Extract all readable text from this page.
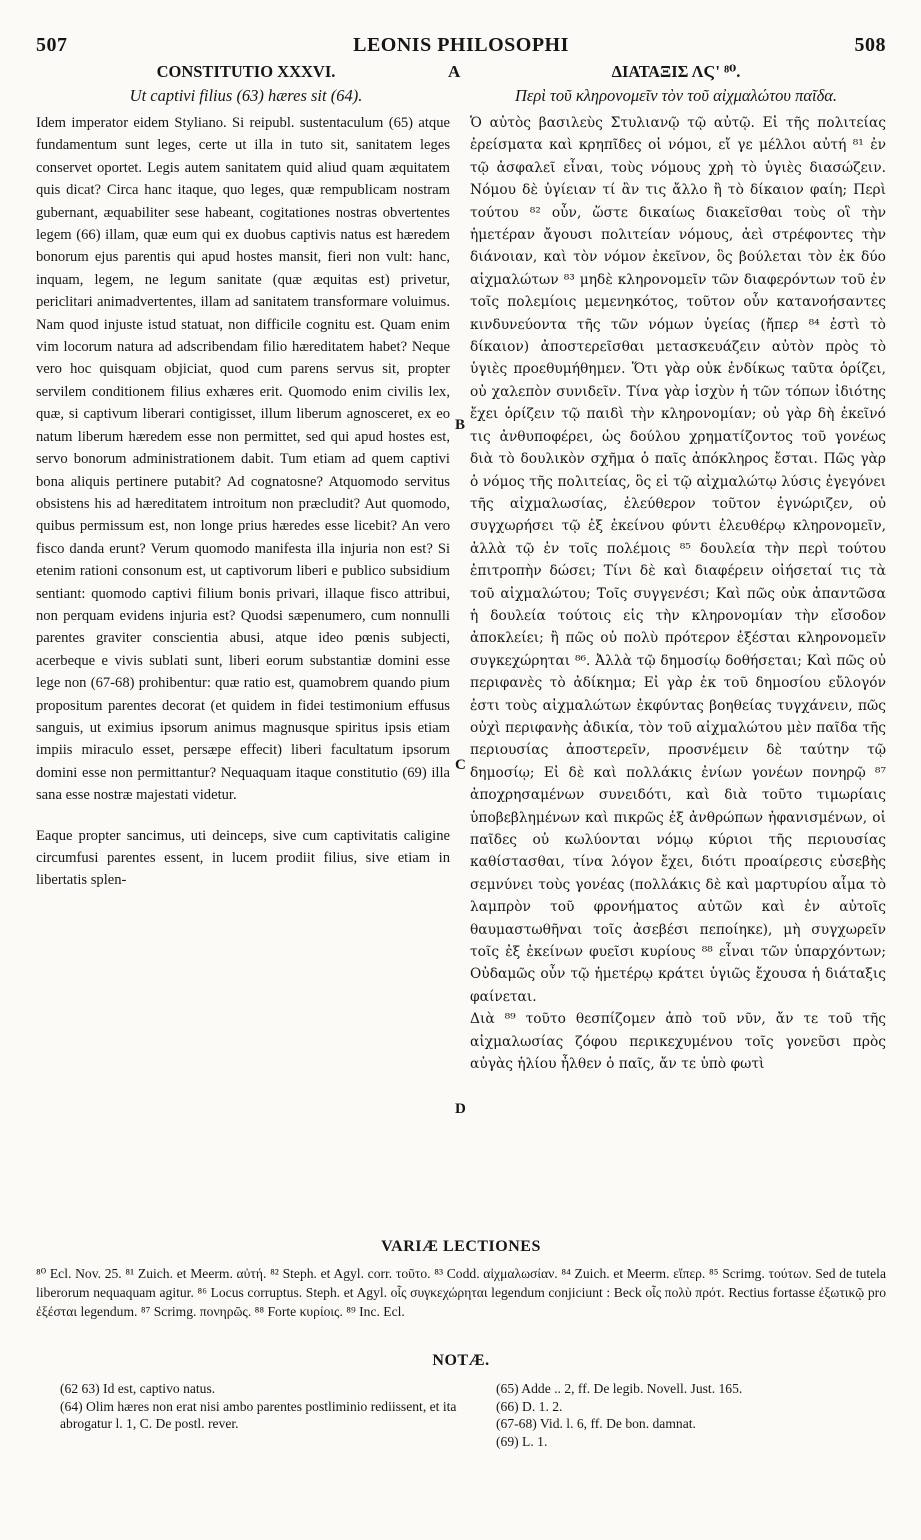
507	LEONIS PHILOSOPHI	508
CONSTITUTIO XXXVI.	A	ΔΙΑΤΑΞΙΣ ΛϚ' ⁸⁰.
Ut captivi filius (63) hæres sit (64).	Περὶ τοῦ κληρονομεῖν τὸν τοῦ αἰχμαλώτου παῖδα.

Idem imperator eidem Styliano. Si reipubl. sustentaculum (65) atque fundamentum sunt leges, certe ut illa in tuto sit, sanitatem leges conservet oportet. Legis autem sanitatem quid aliud quam æquitatem quis dicat? Circa hanc itaque, quo leges, quæ rempublicam nostram gubernant, æquabiliter sese habeant, cogitationes nostras obvertentes legem (66) illam, quæ eum qui ex duobus captivis natus est hæredem bonorum ejus parentis qui apud hostes mansit, fieri non vult: hanc, inquam, legem, ne legum sanitate (quæ æquitas est) privetur, periclitari animadvertentes, illam ad sanitatem transformare voluimus. Nam quod injuste istud statuat, non difficile cognitu est. Quam enim vim locorum natura ad adscribendam filio hæreditatem habet? Neque vero hoc quisquam objiciat, quod cum parens servus sit, propter servilem conditionem filius exhæres erit. Quomodo enim civilis lex, quæ, si captivum liberari contigisset, illum liberum agnosceret, ex eo natum liberum hæredem esse non permittet, sed qui apud hostes est, servo bonorum administrationem dabit. Tum etiam ad quem captivi bona aliquis pertinere putabit? Ad cognatosne? Atquomodo servitus obsistens his ad hæreditatem introitum non præcludit? Aut quomodo, quibus permissum est, non longe prius hæredes esse licebit? An vero fisco danda erunt? Verum quomodo manifesta illa injuria non est? Si etenim rationi consonum est, ut captivorum liberi e publico subsidium sentiant: quomodo captivi filium bonis privari, illaque fisco attribui, non perquam evidens injuria est? Quodsi sæpenumero, cum nonnulli parentes graviter conscientia abusi, atque ideo pœnis subjecti, acerbeque e vivis sublati sunt, liberi eorum substantiæ domini esse lege non (67-68) prohibentur: quæ ratio est, quamobrem quando pium propositum parentes decorat (et quidem in fidei testimonium effusus sanguis, ut eximius ipsorum animus magnusque spiritus ipsis etiam impiis miraculo esset, persæpe effecit) liberi facultatum ipsorum domini esse non permittantur? Nequaquam itaque constitutio (69) illa sana esse nostræ majestati videtur.

Eaque propter sancimus, uti deinceps, sive cum captivitatis caligine circumfusi parentes essent, in lucem prodiit filius, sive etiam in libertatis splen-

Ὁ αὐτὸς βασιλεὺς Στυλιανῷ τῷ αὐτῷ. Εἰ τῆς πολιτείας ἐρείσματα καὶ κρηπῖδες οἱ νόμοι, εἴ γε μέλλοι αὐτή ⁸¹ ἐν τῷ ἀσφαλεῖ εἶναι, τοὺς νόμους χρὴ τὸ ὑγιὲς διασώζειν. Νόμου δὲ ὑγίειαν τί ἂν τις ἄλλο ἢ τὸ δίκαιον φαίη; Περὶ τούτου ⁸² οὖν, ὥστε δικαίως διακεῖσθαι τοὺς οἳ τὴν ἡμετέραν ἄγουσι πολιτείαν νόμους, ἀεὶ στρέφοντες τὴν διάνοιαν, καὶ τὸν νόμον ἐκεῖνον, ὃς βούλεται τὸν ἐκ δύο αἰχμαλώτων ⁸³ μηδὲ κληρονομεῖν τῶν διαφερόντων τοῦ ἐν τοῖς πολεμίοις μεμενηκότος, τοῦτον οὖν κατανοήσαντες κινδυνεύοντα τῆς τῶν νόμων ὑγείας (ἤπερ ⁸⁴ ἐστὶ τὸ δίκαιον) ἀποστερεῖσθαι μετασκευάζειν αὐτὸν πρὸς τὸ ὑγιὲς προεθυμήθημεν. Ὅτι γὰρ οὐκ ἐνδίκως ταῦτα ὁρίζει, οὐ χαλεπὸν συνιδεῖν. Τίνα γὰρ ἰσχὺν ἡ τῶν τόπων ἰδιότης ἔχει ὁρίζειν τῷ παιδὶ τὴν κληρονομίαν; οὐ γὰρ δὴ ἐκεῖνό τις ἀνθυποφέρει, ὡς δούλου χρηματίζοντος τοῦ γονέως διὰ τὸ δουλικὸν σχῆμα ὁ παῖς ἀπόκληρος ἔσται. Πῶς γὰρ ὁ νόμος τῆς πολιτείας, ὃς εἰ τῷ αἰχμαλώτῳ λύσις ἐγεγόνει τῆς αἰχμαλωσίας, ἐλεύθερον τοῦτον ἐγνώριζεν, οὐ συγχωρήσει τῷ ἐξ ἐκείνου φύντι ἐλευθέρῳ κληρονομεῖν, ἀλλὰ τῷ ἐν τοῖς πολέμοις ⁸⁵ δουλεία τὴν περὶ τούτου ἐπιτροπὴν δώσει; Τίνι δὲ καὶ διαφέρειν οἰήσεταί τις τὰ τοῦ αἰχμαλώτου; Τοῖς συγγενέσι; Καὶ πῶς οὐκ ἀπαντῶσα ἡ δουλεία τούτοις εἰς τὴν κληρονομίαν τὴν εἴσοδον ἀποκλείει; ἢ πῶς οὐ πολὺ πρότερον ἐξέσται κληρονομεῖν συγκεχώρηται ⁸⁶. Ἀλλὰ τῷ δημοσίῳ δοθήσεται; Καὶ πῶς οὐ περιφανὲς τὸ ἀδίκημα; Εἰ γὰρ ἐκ τοῦ δημοσίου εὔλογόν ἐστι τοὺς αἰχμαλώτων ἐκφύντας βοηθείας τυγχάνειν, πῶς οὐχὶ περιφανὴς ἀδικία, τὸν τοῦ αἰχμαλώτου μὲν παῖδα τῆς περιουσίας ἀποστερεῖν, προσνέμειν δὲ ταύτην τῷ δημοσίῳ; Εἰ δὲ καὶ πολλάκις ἐνίων γονέων πονηρῷ ⁸⁷ ἀποχρησαμένων συνειδότι, καὶ διὰ τοῦτο τιμωρίαις ὑποβεβλημένων καὶ πικρῶς ἐξ ἀνθρώπων ἠφανισμένων, οἱ παῖδες οὐ κωλύονται νόμῳ κύριοι τῆς περιουσίας καθίστασθαι, τίνα λόγον ἔχει, διότι προαίρεσις εὐσεβὴς σεμνύνει τοὺς γονέας (πολλάκις δὲ καὶ μαρτυρίου αἷμα τὸ λαμπρὸν τοῦ φρονήματος αὐτῶν καὶ ἐν αὐτοῖς θαυμαστωθῆναι τοῖς ἀσεβέσι πεποίηκε), μὴ συγχωρεῖν τοῖς ἐξ ἐκείνων φυεῖσι κυρίους ⁸⁸ εἶναι τῶν ὑπαρχόντων; Οὐδαμῶς οὖν τῷ ἡμετέρῳ κράτει ὑγιῶς ἔχουσα ἡ διάταξις φαίνεται.

Διὰ ⁸⁹ τοῦτο θεσπίζομεν ἀπὸ τοῦ νῦν, ἄν τε τοῦ τῆς αἰχμαλωσίας ζόφου περικεχυμένου τοῖς γονεῦσι πρὸς αὐγὰς ἡλίου ἦλθεν ὁ παῖς, ἄν τε ὑπὸ φωτὶ

B
C
D
VARIÆ LECTIONES
⁸⁰ Ecl. Nov. 25. ⁸¹ Zuich. et Meerm. αὐτή. ⁸² Steph. et Agyl. corr. τοῦτο. ⁸³ Codd. αἰχμαλωσίαν. ⁸⁴ Zuich. et Meerm. εἴπερ. ⁸⁵ Scrimg. τούτων. Sed de tutela liberorum nequaquam agitur. ⁸⁶ Locus corruptus. Steph. et Agyl. οἷς συγκεχώρηται legendum conjiciunt : Beck οἷς πολὺ πρότ. Rectius fortasse ἐξωτικῷ pro ἐξέσται legendum. ⁸⁷ Scrimg. πονηρῶς. ⁸⁸ Forte κυρίοις. ⁸⁹ Inc. Ecl.
NOTÆ.

(62 63) Id est, captivo natus.

(64) Olim hæres non erat nisi ambo parentes postliminio rediissent, et ita abrogatur l. 1, C. De postl. rever.

(65) Adde .. 2, ff. De legib. Novell. Just. 165.

(66) D. 1. 2.

(67-68) Vid. l. 6, ff. De bon. damnat.

(69) L. 1.
